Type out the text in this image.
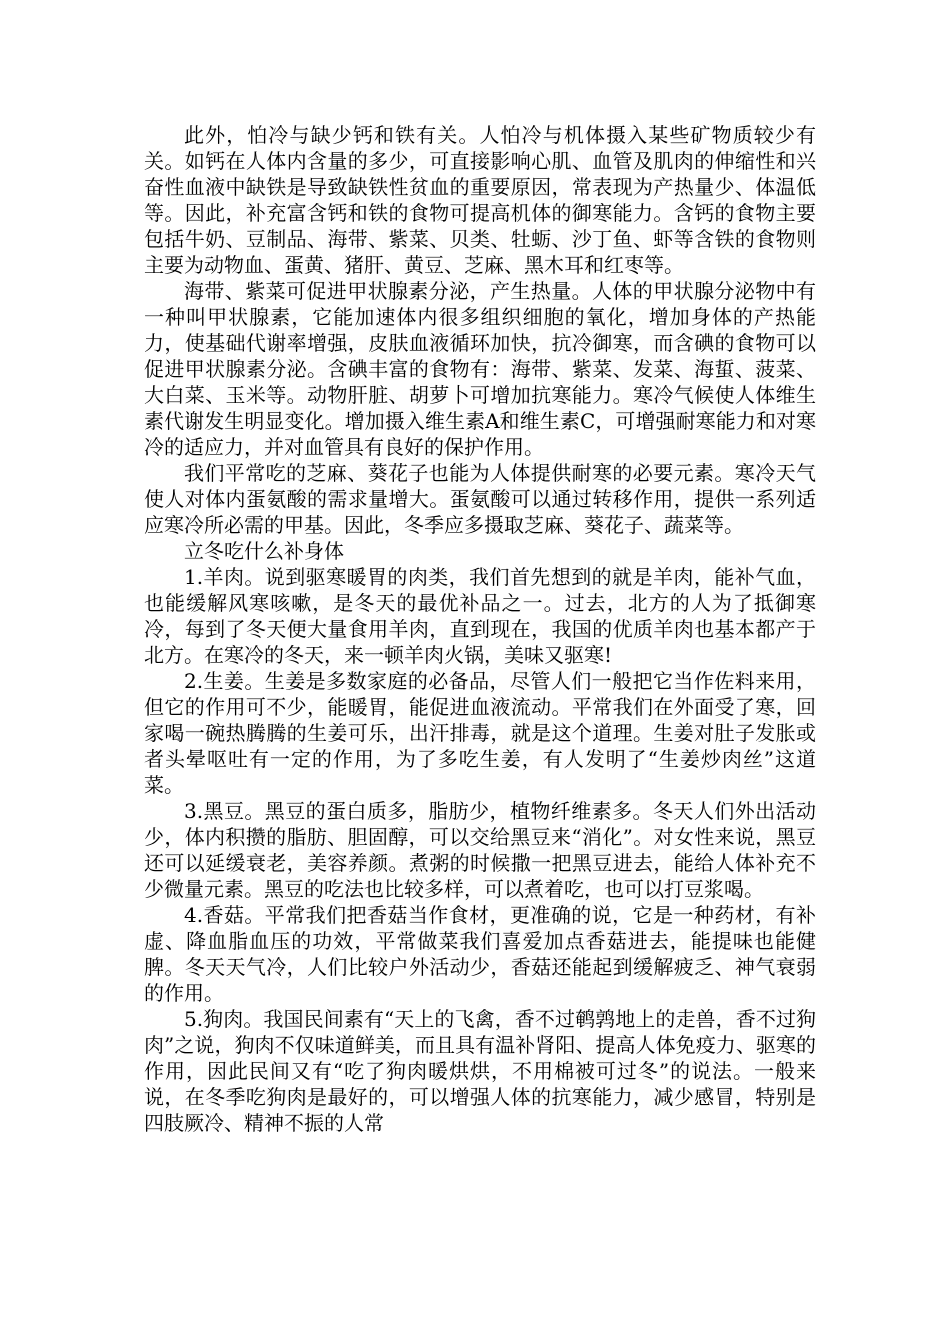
此外，怕冷与缺少钙和铁有关。人怕冷与机体摄入某些矿物质较少有关。如钙在人体内含量的多少，可直接影响心肌、血管及肌肉的伸缩性和兴奋性血液中缺铁是导致缺铁性贫血的重要原因，常表现为产热量少、体温低等。因此，补充富含钙和铁的食物可提高机体的御寒能力。含钙的食物主要包括牛奶、豆制品、海带、紫菜、贝类、牡蛎、沙丁鱼、虾等含铁的食物则主要为动物血、蛋黄、猪肝、黄豆、芝麻、黑木耳和红枣等。

海带、紫菜可促进甲状腺素分泌，产生热量。人体的甲状腺分泌物中有一种叫甲状腺素，它能加速体内很多组织细胞的氧化，增加身体的产热能力，使基础代谢率增强，皮肤血液循环加快，抗冷御寒，而含碘的食物可以促进甲状腺素分泌。含碘丰富的食物有：海带、紫菜、发菜、海蜇、菠菜、大白菜、玉米等。动物肝脏、胡萝卜可增加抗寒能力。寒冷气候使人体维生素代谢发生明显变化。增加摄入维生素A和维生素C，可增强耐寒能力和对寒冷的适应力，并对血管具有良好的保护作用。

我们平常吃的芝麻、葵花子也能为人体提供耐寒的必要元素。寒冷天气使人对体内蛋氨酸的需求量增大。蛋氨酸可以通过转移作用，提供一系列适应寒冷所必需的甲基。因此，冬季应多摄取芝麻、葵花子、蔬菜等。

立冬吃什么补身体

1.羊肉。说到驱寒暖胃的肉类，我们首先想到的就是羊肉，能补气血，也能缓解风寒咳嗽，是冬天的最优补品之一。过去，北方的人为了抵御寒冷，每到了冬天便大量食用羊肉，直到现在，我国的优质羊肉也基本都产于北方。在寒冷的冬天，来一顿羊肉火锅，美味又驱寒!

2.生姜。生姜是多数家庭的必备品，尽管人们一般把它当作佐料来用，但它的作用可不少，能暖胃，能促进血液流动。平常我们在外面受了寒，回家喝一碗热腾腾的生姜可乐，出汗排毒，就是这个道理。生姜对肚子发胀或者头晕呕吐有一定的作用，为了多吃生姜，有人发明了“生姜炒肉丝”这道菜。

3.黑豆。黑豆的蛋白质多，脂肪少，植物纤维素多。冬天人们外出活动少，体内积攒的脂肪、胆固醇，可以交给黑豆来“消化”。对女性来说，黑豆还可以延缓衰老，美容养颜。煮粥的时候撒一把黑豆进去，能给人体补充不少微量元素。黑豆的吃法也比较多样，可以煮着吃，也可以打豆浆喝。

4.香菇。平常我们把香菇当作食材，更准确的说，它是一种药材，有补虚、降血脂血压的功效，平常做菜我们喜爱加点香菇进去，能提味也能健脾。冬天天气冷，人们比较户外活动少，香菇还能起到缓解疲乏、神气衰弱的作用。

5.狗肉。我国民间素有“天上的飞禽，香不过鹌鹑地上的走兽，香不过狗肉”之说，狗肉不仅味道鲜美，而且具有温补肾阳、提高人体免疫力、驱寒的作用，因此民间又有“吃了狗肉暖烘烘，不用棉被可过冬”的说法。一般来说，在冬季吃狗肉是最好的，可以增强人体的抗寒能力，减少感冒，特别是四肢厥冷、精神不振的人常
